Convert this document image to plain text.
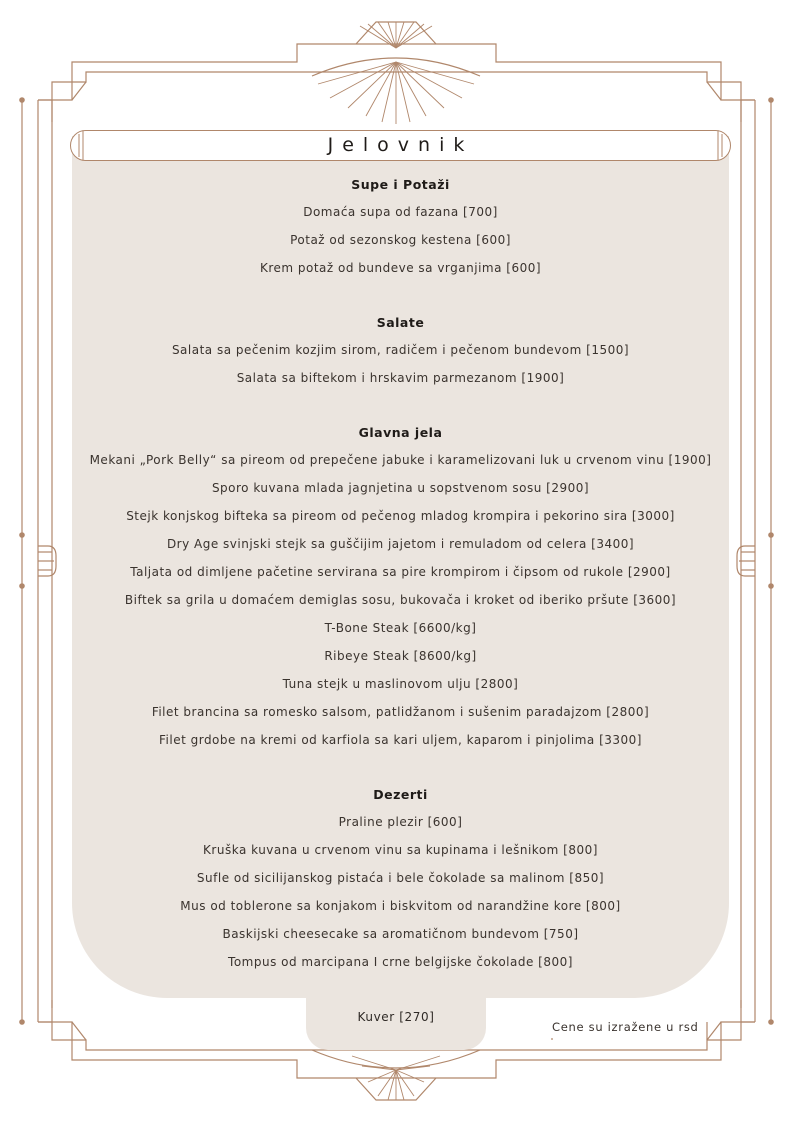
Jelovnik
Supe i Potaži
Domaća supa od fazana [700]
Potaž od sezonskog kestena [600]
Krem potaž od bundeve sa vrganjima [600]
Salate
Salata sa pečenim kozjim sirom, radičem i pečenom bundevom [1500]
Salata sa biftekom i hrskavim parmezanom [1900]
Glavna jela
Mekani „Pork Belly“ sa pireom od prepečene jabuke i karamelizovani luk u crvenom vinu [1900]
Sporo kuvana mlada jagnjetina u sopstvenom sosu [2900]
Stejk konjskog bifteka sa pireom od pečenog mladog krompira i pekorino sira [3000]
Dry Age svinjski stejk sa guščijim jajetom i remuladom od celera [3400]
Taljata od dimljene pačetine servirana sa pire krompirom i čipsom od rukole [2900]
Biftek sa grila u domaćem demiglas sosu, bukovača i kroket od iberiko pršute [3600]
T-Bone Steak [6600/kg]
Ribeye Steak [8600/kg]
Tuna stejk u maslinovom ulju [2800]
Filet brancina sa romesko salsom, patlidžanom i sušenim paradajzom [2800]
Filet grdobe na kremi od karfiola sa kari uljem, kaparom i pinjolima [3300]
Dezerti
Praline plezir [600]
Kruška kuvana u crvenom vinu sa kupinama i lešnikom [800]
Sufle od sicilijanskog pistaća i bele čokolade sa malinom [850]
Mus od toblerone sa konjakom i biskvitom od narandžine kore [800]
Baskijski cheesecake sa aromatičnom bundevom [750]
Tompus od marcipana I crne belgijske čokolade [800]
Kuver [270]
Cene su izražene u rsd
